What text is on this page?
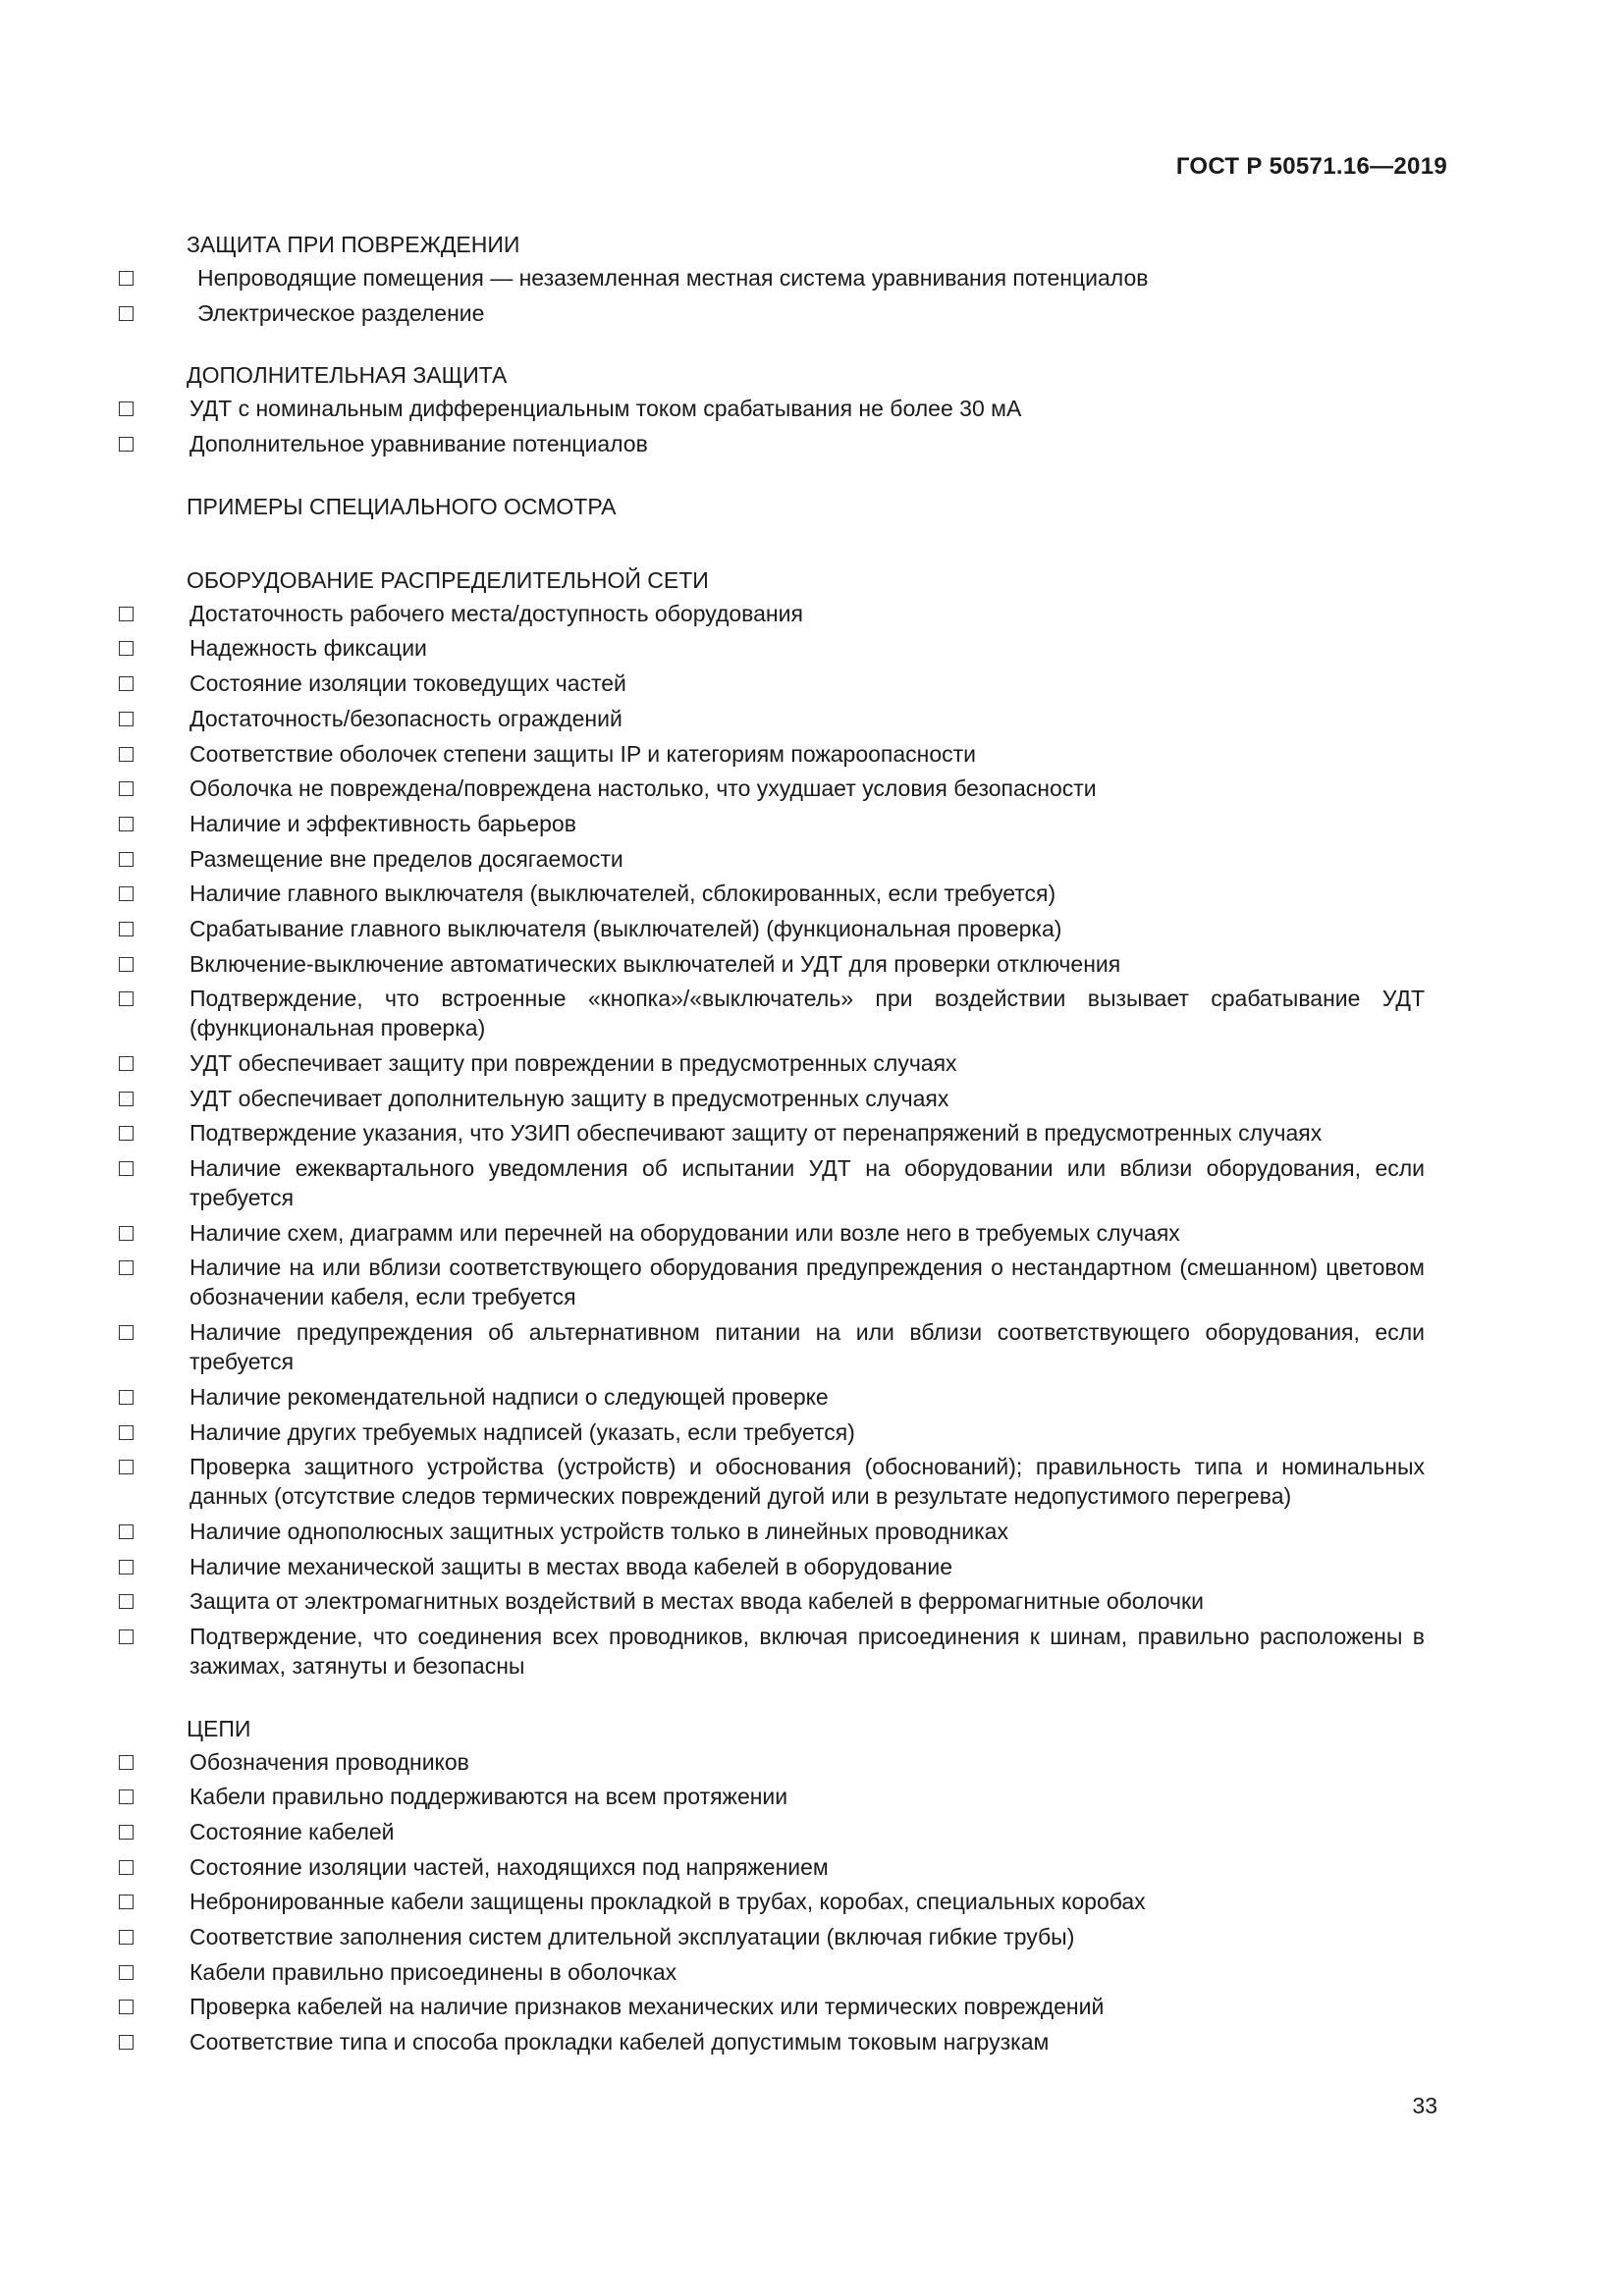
ГОСТ Р 50571.16—2019
ЗАЩИТА ПРИ ПОВРЕЖДЕНИИ
Непроводящие помещения — незаземленная местная система уравнивания потенциалов
Электрическое разделение
ДОПОЛНИТЕЛЬНАЯ ЗАЩИТА
УДТ с номинальным дифференциальным током срабатывания не более 30 мА
Дополнительное уравнивание потенциалов
ПРИМЕРЫ СПЕЦИАЛЬНОГО ОСМОТРА
ОБОРУДОВАНИЕ РАСПРЕДЕЛИТЕЛЬНОЙ СЕТИ
Достаточность рабочего места/доступность оборудования
Надежность фиксации
Состояние изоляции токоведущих частей
Достаточность/безопасность ограждений
Соответствие оболочек степени защиты IP и категориям пожароопасности
Оболочка не повреждена/повреждена настолько, что ухудшает условия безопасности
Наличие и эффективность барьеров
Размещение вне пределов досягаемости
Наличие главного выключателя (выключателей, сблокированных, если требуется)
Срабатывание главного выключателя (выключателей) (функциональная проверка)
Включение-выключение автоматических выключателей и УДТ для проверки отключения
Подтверждение, что встроенные «кнопка»/«выключатель» при воздействии вызывает срабатывание УДТ (функциональная проверка)
УДТ обеспечивает защиту при повреждении в предусмотренных случаях
УДТ обеспечивает дополнительную защиту в предусмотренных случаях
Подтверждение указания, что УЗИП обеспечивают защиту от перенапряжений в предусмотренных случаях
Наличие ежеквартального уведомления об испытании УДТ на оборудовании или вблизи оборудования, если требуется
Наличие схем, диаграмм или перечней на оборудовании или возле него в требуемых случаях
Наличие на или вблизи соответствующего оборудования предупреждения о нестандартном (смешанном) цветовом обозначении кабеля, если требуется
Наличие предупреждения об альтернативном питании на или вблизи соответствующего оборудования, если требуется
Наличие рекомендательной надписи о следующей проверке
Наличие других требуемых надписей (указать, если требуется)
Проверка защитного устройства (устройств) и обоснования (обоснований); правильность типа и номинальных данных (отсутствие следов термических повреждений дугой или в результате недопустимого перегрева)
Наличие однополюсных защитных устройств только в линейных проводниках
Наличие механической защиты в местах ввода кабелей в оборудование
Защита от электромагнитных воздействий в местах ввода кабелей в ферромагнитные оболочки
Подтверждение, что соединения всех проводников, включая присоединения к шинам, правильно расположены в зажимах, затянуты и безопасны
ЦЕПИ
Обозначения проводников
Кабели правильно поддерживаются на всем протяжении
Состояние кабелей
Состояние изоляции частей, находящихся под напряжением
Небронированные кабели защищены прокладкой в трубах, коробах, специальных коробах
Соответствие заполнения систем длительной эксплуатации (включая гибкие трубы)
Кабели правильно присоединены в оболочках
Проверка кабелей на наличие признаков механических или термических повреждений
Соответствие типа и способа прокладки кабелей допустимым токовым нагрузкам
33
